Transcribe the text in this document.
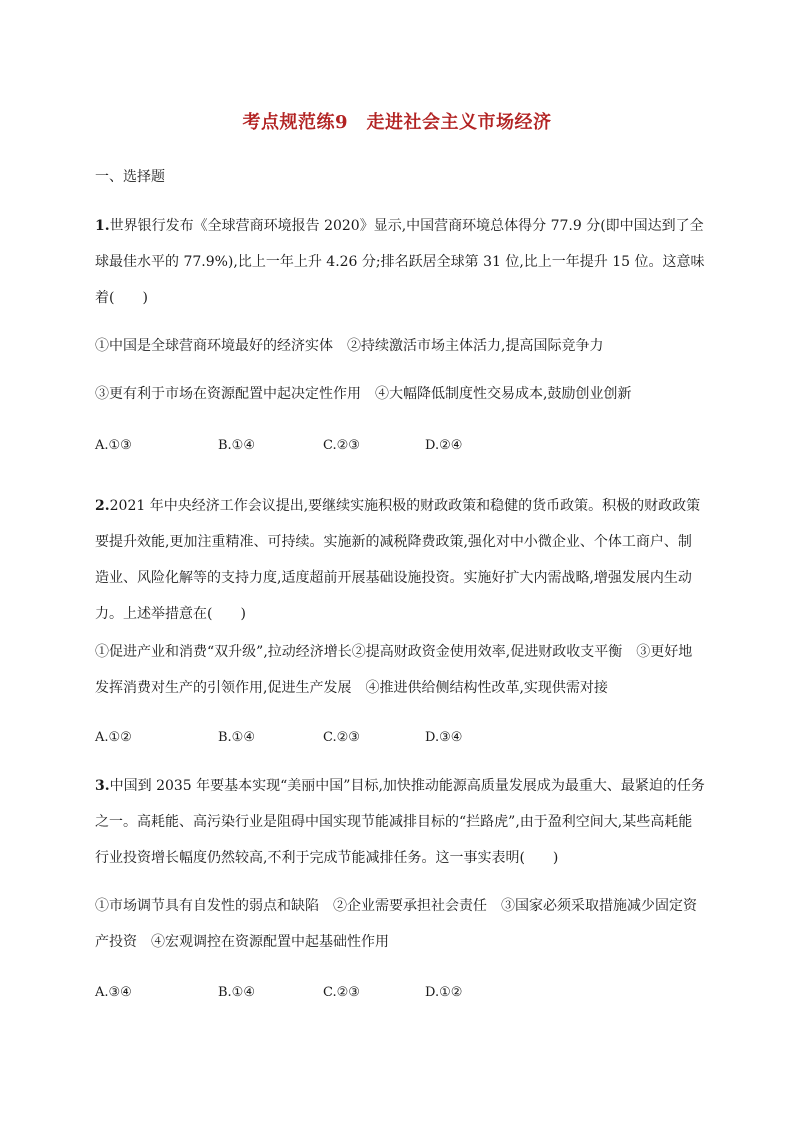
考点规范练9　走进社会主义市场经济
一、选择题
1.世界银行发布《全球营商环境报告 2020》显示,中国营商环境总体得分 77.9 分(即中国达到了全球最佳水平的 77.9%),比上一年上升 4.26 分;排名跃居全球第 31 位,比上一年提升 15 位。这意味着(　　)
①中国是全球营商环境最好的经济实体　②持续激活市场主体活力,提高国际竞争力
③更有利于市场在资源配置中起决定性作用　④大幅降低制度性交易成本,鼓励创业创新
A.①③	B.①④	C.②③	D.②④
2.2021 年中央经济工作会议提出,要继续实施积极的财政政策和稳健的货币政策。积极的财政政策要提升效能,更加注重精准、可持续。实施新的减税降费政策,强化对中小微企业、个体工商户、制造业、风险化解等的支持力度,适度超前开展基础设施投资。实施好扩大内需战略,增强发展内生动力。上述举措意在(　　)
①促进产业和消费“双升级”,拉动经济增长②提高财政资金使用效率,促进财政收支平衡　③更好地发挥消费对生产的引领作用,促进生产发展　④推进供给侧结构性改革,实现供需对接
A.①②	B.①④	C.②③	D.③④
3.中国到 2035 年要基本实现“美丽中国”目标,加快推动能源高质量发展成为最重大、最紧迫的任务之一。高耗能、高污染行业是阻碍中国实现节能减排目标的“拦路虎”,由于盈利空间大,某些高耗能行业投资增长幅度仍然较高,不利于完成节能减排任务。这一事实表明(　　)
①市场调节具有自发性的弱点和缺陷　②企业需要承担社会责任　③国家必须采取措施减少固定资产投资　④宏观调控在资源配置中起基础性作用
A.③④	B.①④	C.②③	D.①②
